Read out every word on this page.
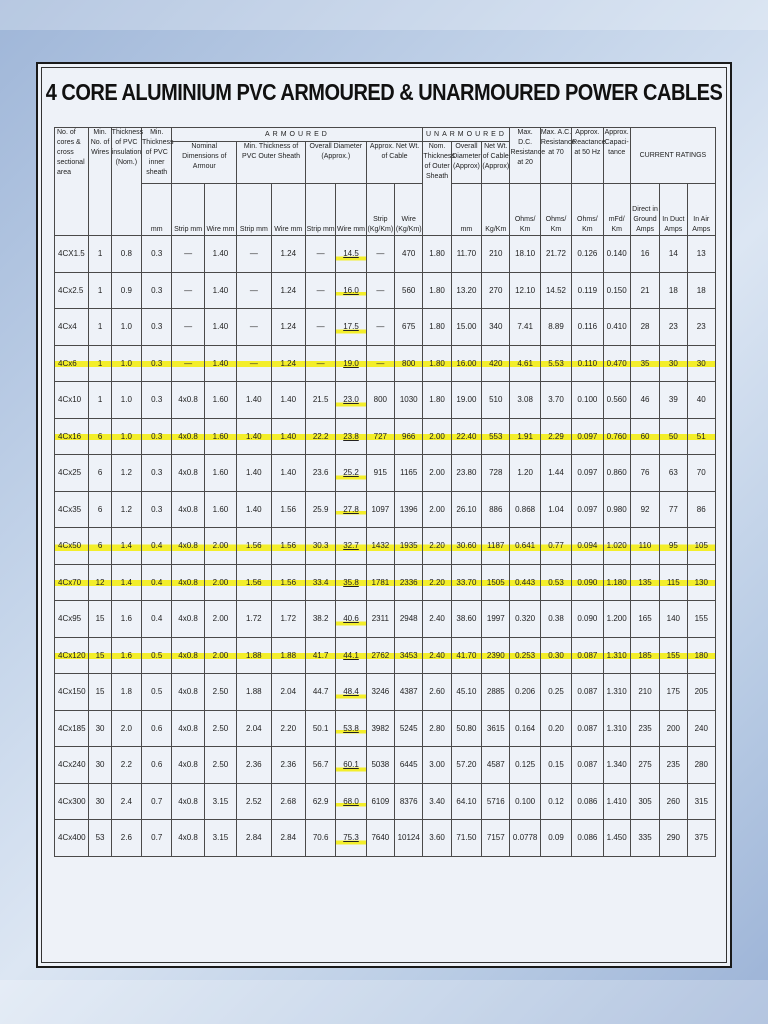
4 CORE ALUMINIUM PVC ARMOURED & UNARMOURED POWER CABLES
No. of cores & cross sectional area	Min. No. of Wires	Thickness of PVC insulation (Nom.)	Min. Thickness of PVC inner sheath	ARMOURED								UNARMOURED			Max. D.C. Resistance at 20	Max. A.C. Resistance at 70	Approx. Reactance at 50 Hz	Approx. Capaci-tance	CURRENT RATINGS		
				Nominal Dimensions of Armour		Min. Thickness of PVC Outer Sheath		Overall Diameter (Approx.)		Approx. Net Wt. of Cable		Nom. Thickness of Outer Sheath	Overall Diameter (Approx)	Net Wt. of Cable (Approx)							
			mm	Strip mm	Wire mm	Strip mm	Wire mm	Strip mm	Wire mm	Strip (Kg/Km)	Wire (Kg/Km)		mm	Kg/Km	Ohms/ Km	Ohms/ Km	Ohms/ Km	mFd/ Km	Direct in Ground Amps	In Duct Amps	In Air Amps
4CX1.5	1	0.8	0.3	—	1.40	—	1.24	—	14.5	—	470	1.80	11.70	210	18.10	21.72	0.126	0.140	16	14	13
4Cx2.5	1	0.9	0.3	—	1.40	—	1.24	—	16.0	—	560	1.80	13.20	270	12.10	14.52	0.119	0.150	21	18	18
4Cx4	1	1.0	0.3	—	1.40	—	1.24	—	17.5	—	675	1.80	15.00	340	7.41	8.89	0.116	0.410	28	23	23
4Cx6	1	1.0	0.3	—	1.40	—	1.24	—	19.0	—	800	1.80	16.00	420	4.61	5.53	0.110	0.470	35	30	30
4Cx10	1	1.0	0.3	4x0.8	1.60	1.40	1.40	21.5	23.0	800	1030	1.80	19.00	510	3.08	3.70	0.100	0.560	46	39	40
4Cx16	6	1.0	0.3	4x0.8	1.60	1.40	1.40	22.2	23.8	727	966	2.00	22.40	553	1.91	2.29	0.097	0.760	60	50	51
4Cx25	6	1.2	0.3	4x0.8	1.60	1.40	1.40	23.6	25.2	915	1165	2.00	23.80	728	1.20	1.44	0.097	0.860	76	63	70
4Cx35	6	1.2	0.3	4x0.8	1.60	1.40	1.56	25.9	27.8	1097	1396	2.00	26.10	886	0.868	1.04	0.097	0.980	92	77	86
4Cx50	6	1.4	0.4	4x0.8	2.00	1.56	1.56	30.3	32.7	1432	1935	2.20	30.60	1187	0.641	0.77	0.094	1.020	110	95	105
4Cx70	12	1.4	0.4	4x0.8	2.00	1.56	1.56	33.4	35.8	1781	2336	2.20	33.70	1505	0.443	0.53	0.090	1.180	135	115	130
4Cx95	15	1.6	0.4	4x0.8	2.00	1.72	1.72	38.2	40.6	2311	2948	2.40	38.60	1997	0.320	0.38	0.090	1.200	165	140	155
4Cx120	15	1.6	0.5	4x0.8	2.00	1.88	1.88	41.7	44.1	2762	3453	2.40	41.70	2390	0.253	0.30	0.087	1.310	185	155	180
4Cx150	15	1.8	0.5	4x0.8	2.50	1.88	2.04	44.7	48.4	3246	4387	2.60	45.10	2885	0.206	0.25	0.087	1.310	210	175	205
4Cx185	30	2.0	0.6	4x0.8	2.50	2.04	2.20	50.1	53.8	3982	5245	2.80	50.80	3615	0.164	0.20	0.087	1.310	235	200	240
4Cx240	30	2.2	0.6	4x0.8	2.50	2.36	2.36	56.7	60.1	5038	6445	3.00	57.20	4587	0.125	0.15	0.087	1.340	275	235	280
4Cx300	30	2.4	0.7	4x0.8	3.15	2.52	2.68	62.9	68.0	6109	8376	3.40	64.10	5716	0.100	0.12	0.086	1.410	305	260	315
4Cx400	53	2.6	0.7	4x0.8	3.15	2.84	2.84	70.6	75.3	7640	10124	3.60	71.50	7157	0.0778	0.09	0.086	1.450	335	290	375
